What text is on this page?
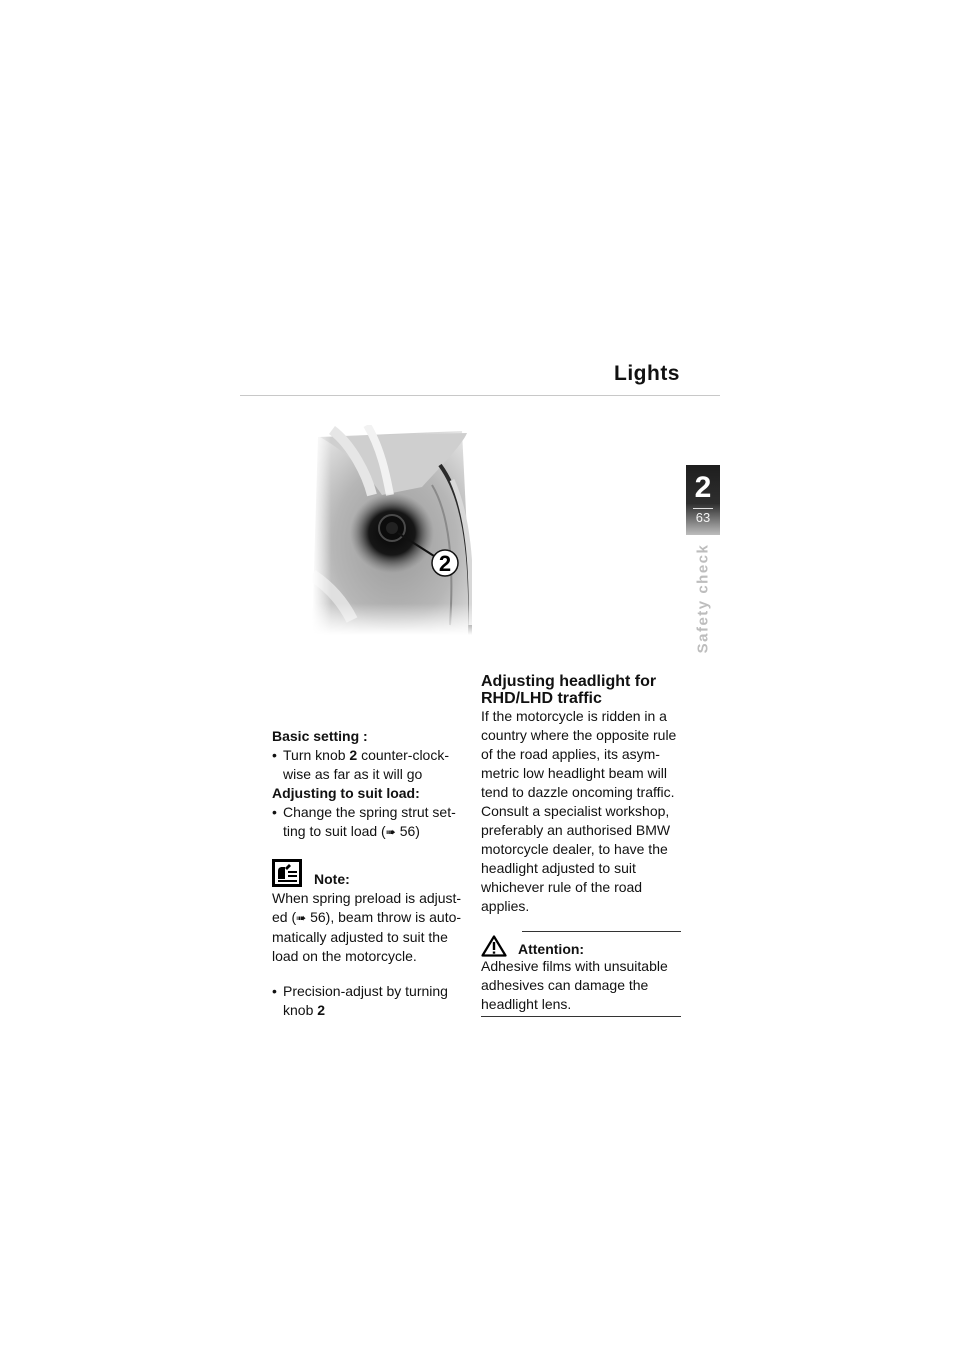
Lights
2
63
Safety check
2

Basic setting :

• Turn knob 2 counter-clock-wise as far as it will go

Adjusting to suit load:

• Change the spring strut set-ting to suit load (➠ 56)
Note:

When spring preload is adjust-ed (➠ 56), beam throw is auto-matically adjusted to suit the load on the motorcycle.

• Precision-adjust by turning knob 2

Adjusting headlight for RHD/LHD traffic

If the motorcycle is ridden in a country where the opposite rule of the road applies, its asym-metric low headlight beam will tend to dazzle oncoming traffic. Consult a specialist workshop, preferably an authorised BMW motorcycle dealer, to have the headlight adjusted to suit whichever rule of the road applies.

Attention:

Adhesive films with unsuitable adhesives can damage the headlight lens.
